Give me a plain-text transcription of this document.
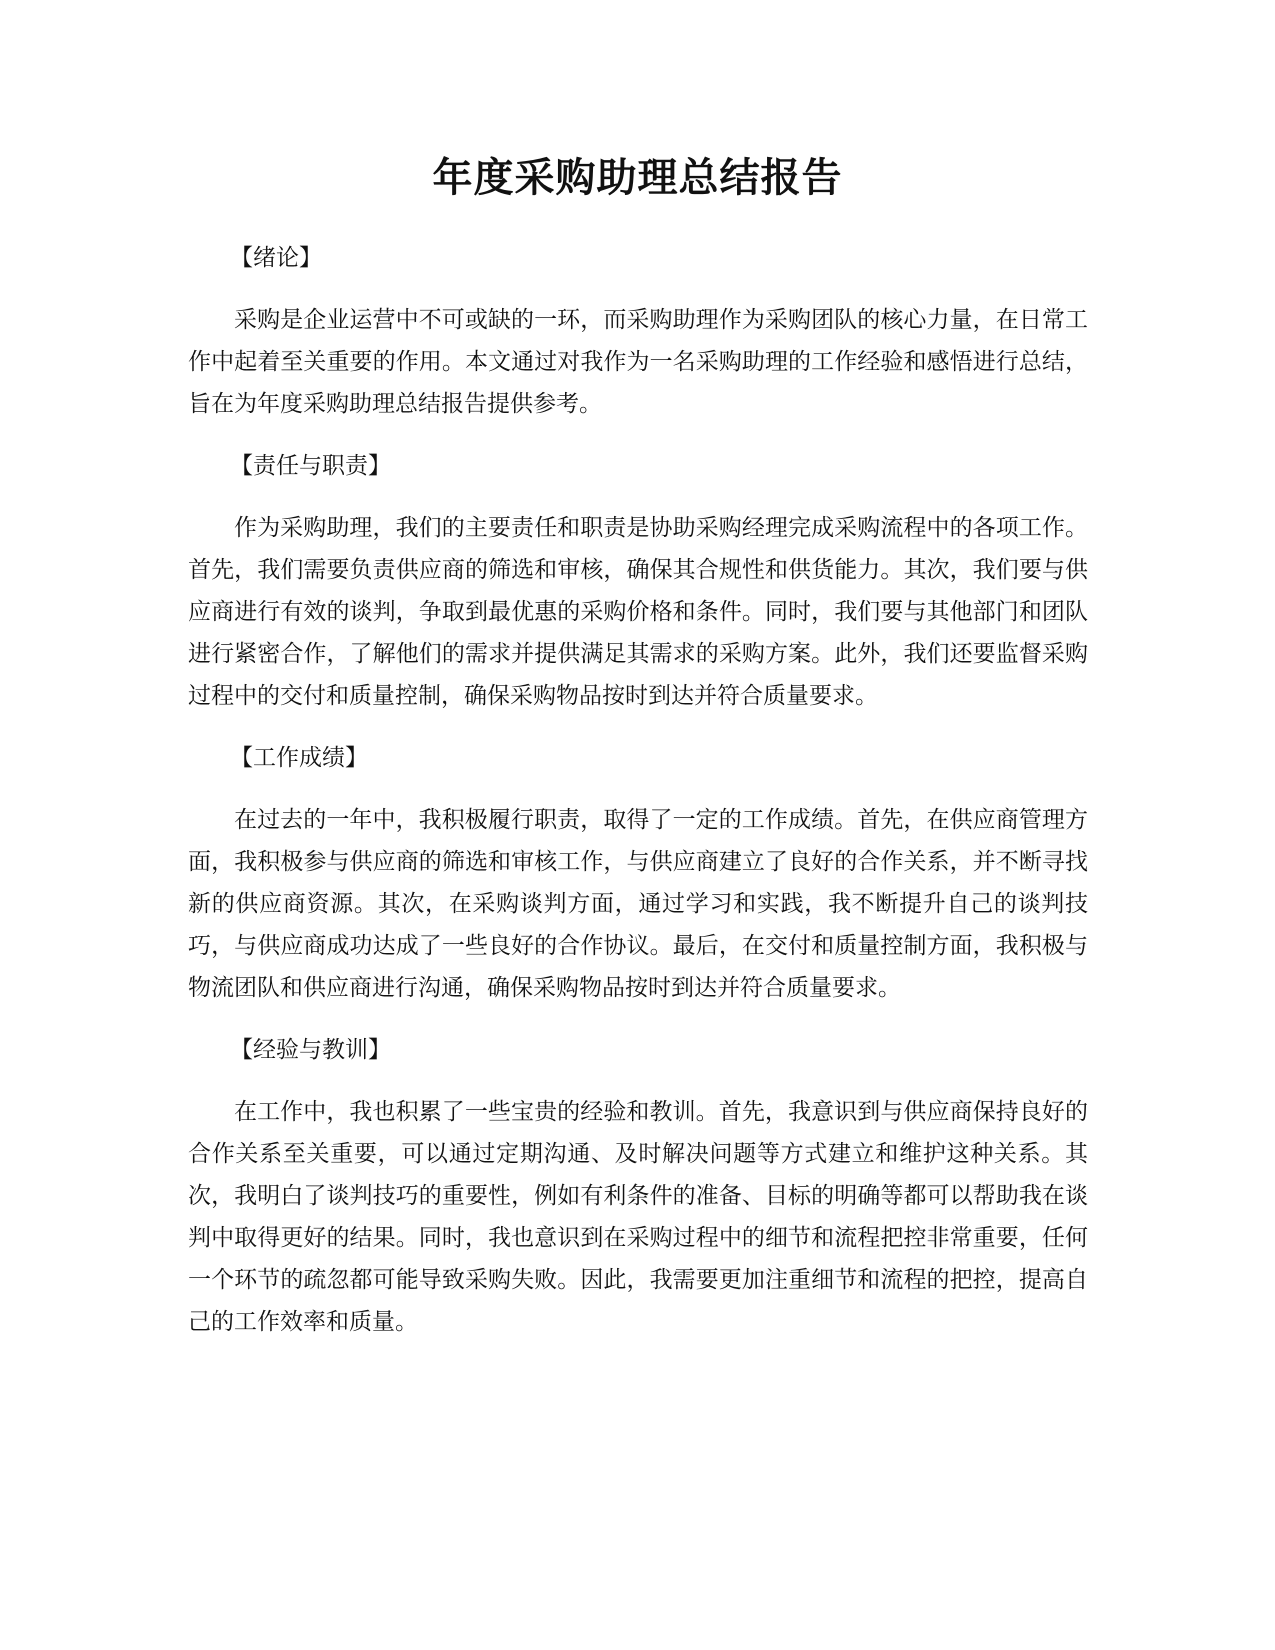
年度采购助理总结报告

【绪论】

采购是企业运营中不可或缺的一环，而采购助理作为采购团队的核心力量，在日常工作中起着至关重要的作用。本文通过对我作为一名采购助理的工作经验和感悟进行总结，旨在为年度采购助理总结报告提供参考。

【责任与职责】

作为采购助理，我们的主要责任和职责是协助采购经理完成采购流程中的各项工作。首先，我们需要负责供应商的筛选和审核，确保其合规性和供货能力。其次，我们要与供应商进行有效的谈判，争取到最优惠的采购价格和条件。同时，我们要与其他部门和团队进行紧密合作，了解他们的需求并提供满足其需求的采购方案。此外，我们还要监督采购过程中的交付和质量控制，确保采购物品按时到达并符合质量要求。

【工作成绩】

在过去的一年中，我积极履行职责，取得了一定的工作成绩。首先，在供应商管理方面，我积极参与供应商的筛选和审核工作，与供应商建立了良好的合作关系，并不断寻找新的供应商资源。其次，在采购谈判方面，通过学习和实践，我不断提升自己的谈判技巧，与供应商成功达成了一些良好的合作协议。最后，在交付和质量控制方面，我积极与物流团队和供应商进行沟通，确保采购物品按时到达并符合质量要求。

【经验与教训】

在工作中，我也积累了一些宝贵的经验和教训。首先，我意识到与供应商保持良好的合作关系至关重要，可以通过定期沟通、及时解决问题等方式建立和维护这种关系。其次，我明白了谈判技巧的重要性，例如有利条件的准备、目标的明确等都可以帮助我在谈判中取得更好的结果。同时，我也意识到在采购过程中的细节和流程把控非常重要，任何一个环节的疏忽都可能导致采购失败。因此，我需要更加注重细节和流程的把控，提高自己的工作效率和质量。
